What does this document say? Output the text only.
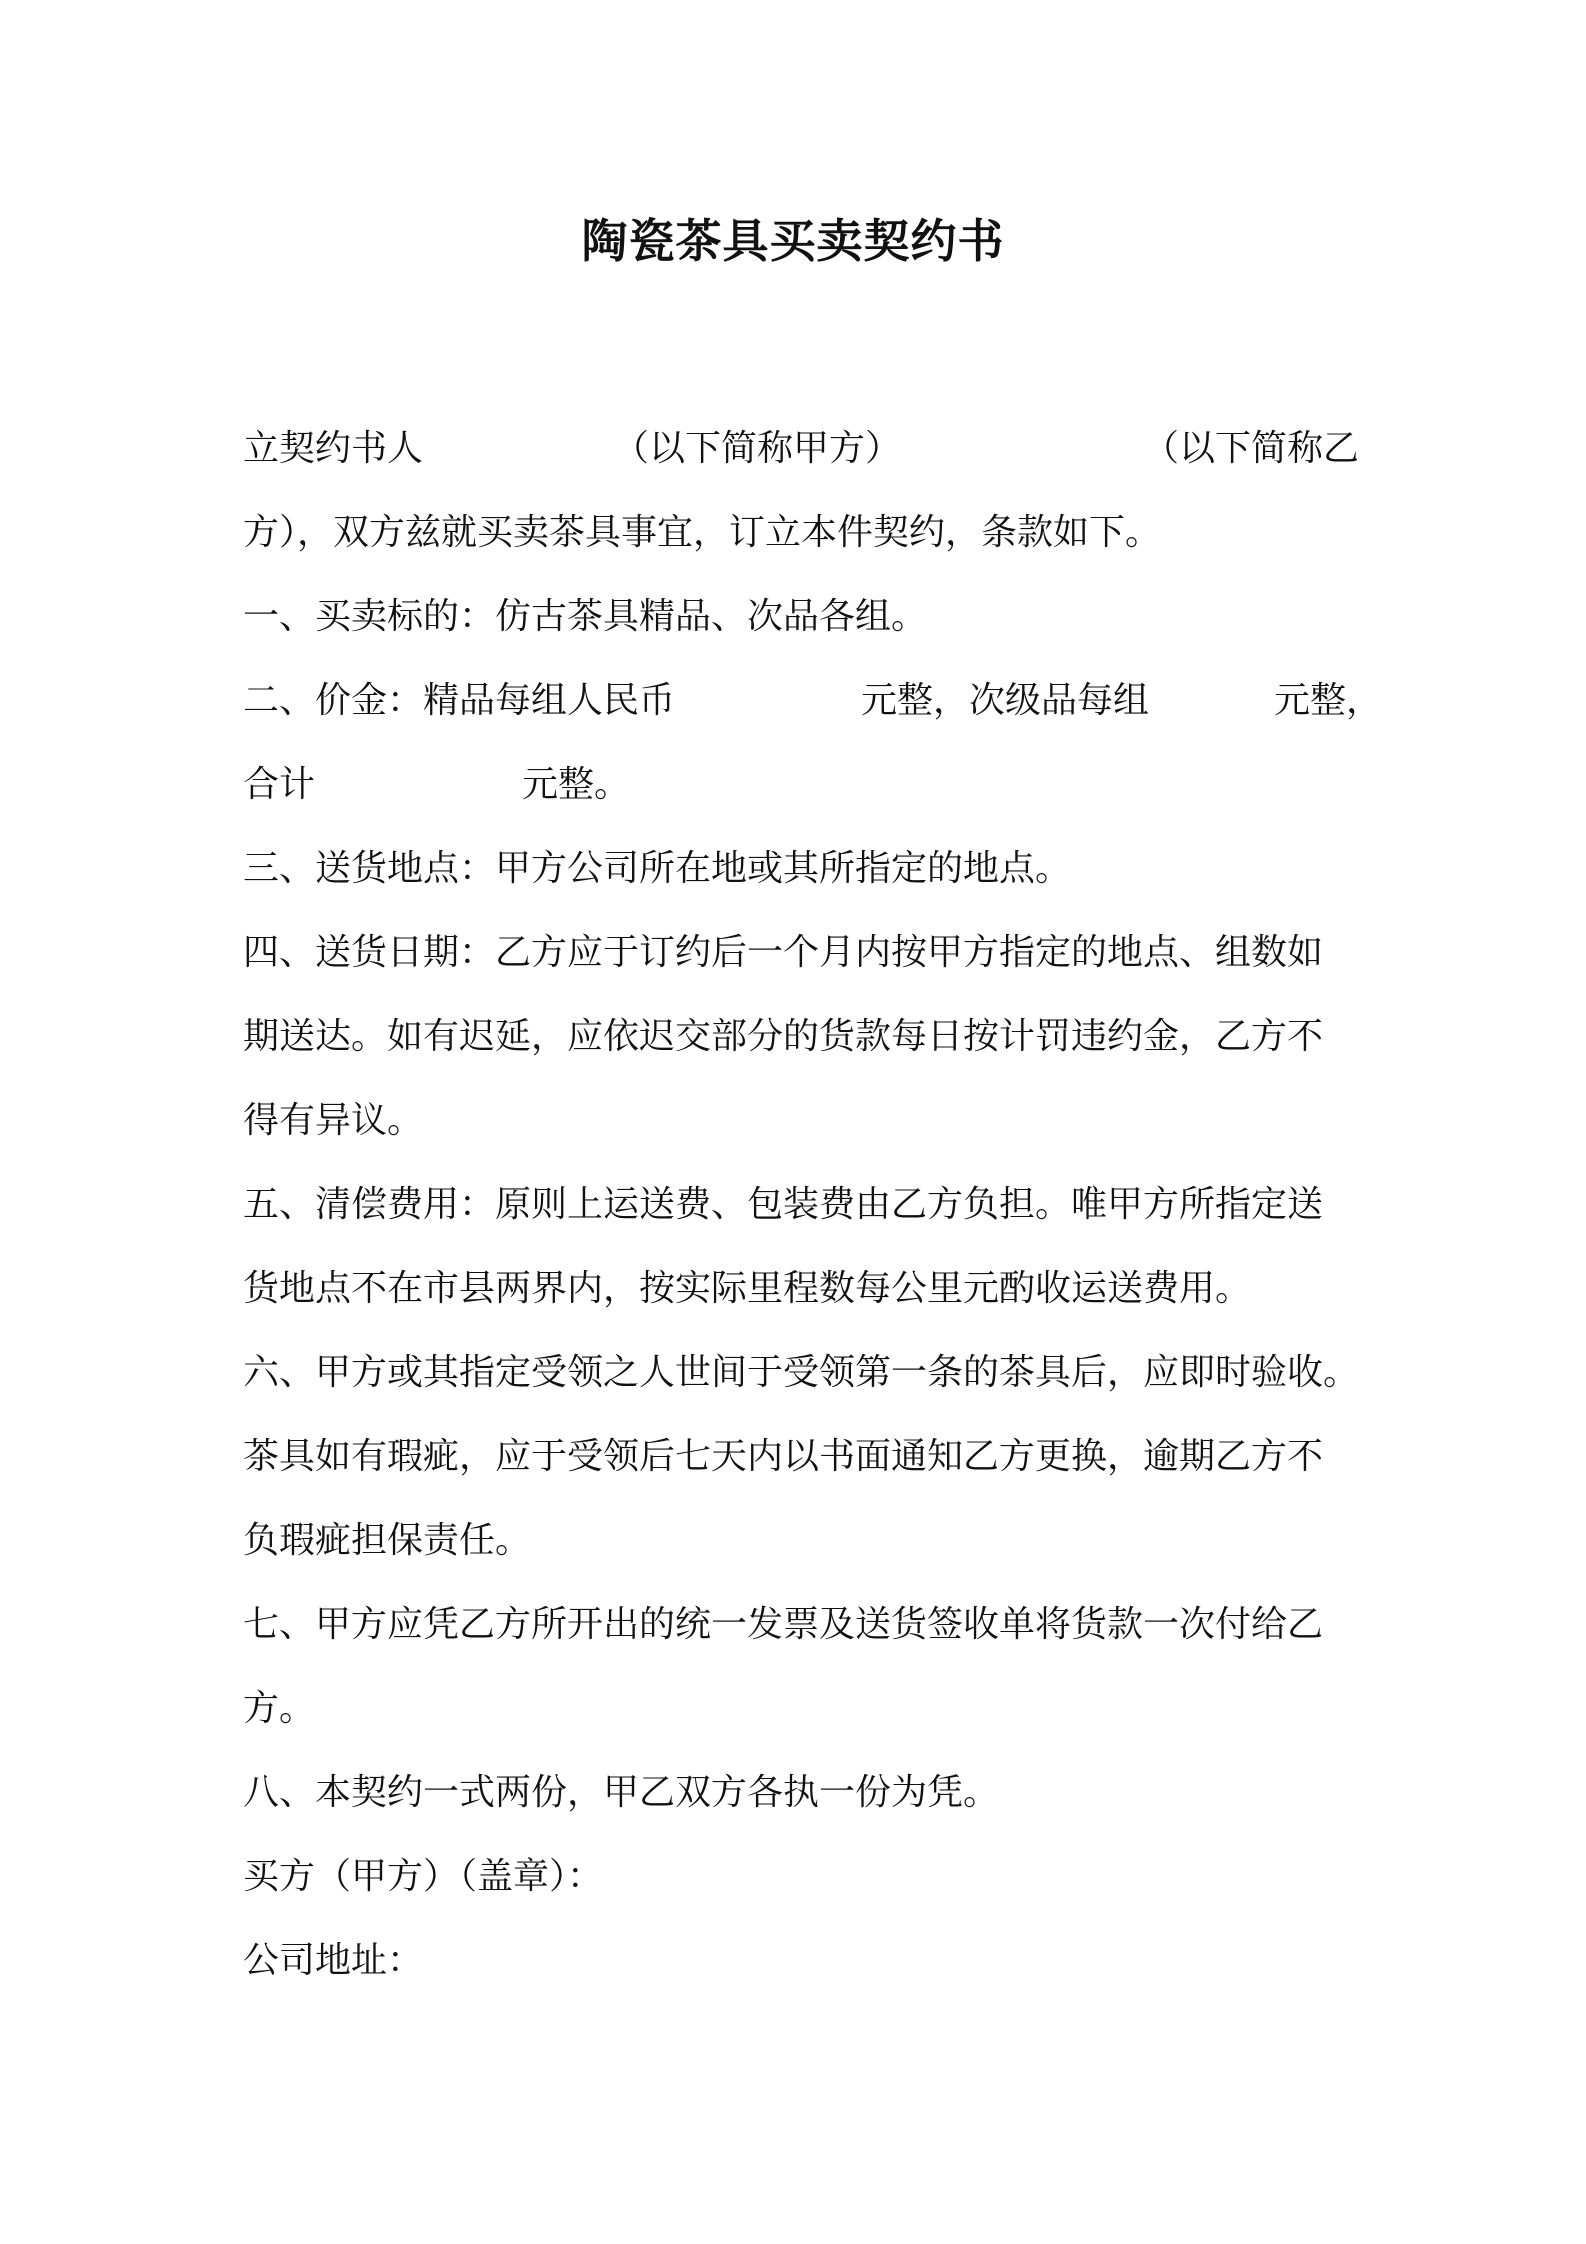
陶瓷茶具买卖契约书
立契约书人	（以下简称甲方）	（以下简称乙
方），双方兹就买卖茶具事宜，订立本件契约，条款如下。
一、买卖标的：仿古茶具精品、次品各组。
二、价金：精品每组人民币	元整，次级品每组	元整，
合计	元整。
三、送货地点：甲方公司所在地或其所指定的地点。
四、送货日期：乙方应于订约后一个月内按甲方指定的地点、组数如
期送达。如有迟延，应依迟交部分的货款每日按计罚违约金，乙方不
得有异议。
五、清偿费用：原则上运送费、包装费由乙方负担。唯甲方所指定送
货地点不在市县两界内，按实际里程数每公里元酌收运送费用。
六、甲方或其指定受领之人世间于受领第一条的茶具后，应即时验收。
茶具如有瑕疵，应于受领后七天内以书面通知乙方更换，逾期乙方不
负瑕疵担保责任。
七、甲方应凭乙方所开出的统一发票及送货签收单将货款一次付给乙
方。
八、本契约一式两份，甲乙双方各执一份为凭。
买方（甲方）（盖章）：
公司地址：
